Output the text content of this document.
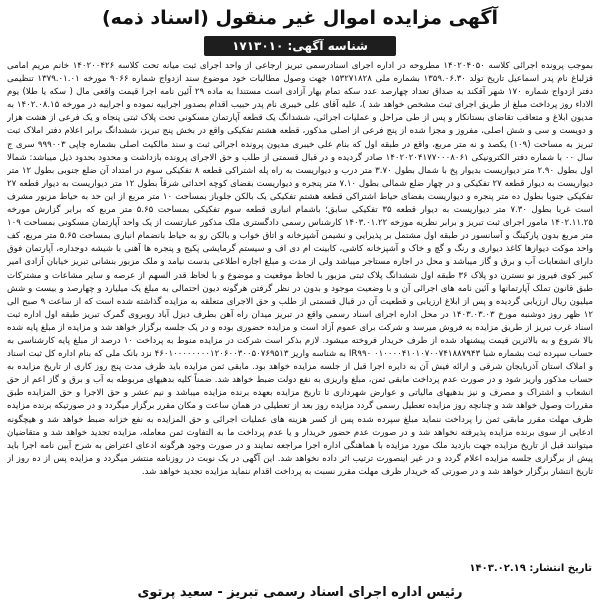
آگهی مزایده اموال غیر منقول (اسناد ذمه)
شناسه آگهی: ۱۷۱۳۰۱۰
بموجب پرونده اجرائی کلاسه ۱۴۰۲۰۴۰۵۰ مطروحه در اداره اجرای اسنادرسمی تبریز ارجاعی از واحد اجرای ثبت میانه تحت کلاسه ۱۴۰۲۰۰۴۲۶ خانم مریم امامی قزلباغ نام پدر اسماعیل تاریخ تولد ۱۳۵۹.۰۶.۳۰ بشماره ملی ۱۵۳۲۷۱۸۲۸ جهت وصول مطالبات خود موضوع سند ازدواج شماره ۹۰۶۶ مورخه ۱۳۷۹.۰۱.۰۱ تنظیمی دفتر ازدواج شماره ۱۷۰ شهر آقکند به صداق تعداد چهارصد عدد سکه تمام بهار آزادی است مستندا به ماده ۲۹ آئین نامه اجرا قیمت واقعی مال ( سکه یا طلا) یوم الاداء روز پرداخت مبلغ از طریق اجرای ثبت مشخص خواهد شد )، علیه آقای علی خیبری نام پدر حبیب اقدام بصدور اجراییه نموده و اجراییه در مورخه ۱۴۰۲.۰۸.۱۵ به مدیون ابلاغ و متعاقب تقاضای بستانکار و پس از طی مراحل و عملیات اجرائی، ششدانگ یک قطعه آپارتمان مسکونی تحت پلاک ثبتی پنجاه و یک فرعی از هشت هزار و دویست و سی و شش اصلی، مفروز و مجزا شده از پنج فرعی از اصلی مذکور، قطعه هشتم تفکیکی واقع در بخش پنج تبریز، ششدانگ برابر اعلام دفتر املاک ثبت تبریز به مساحت (۱۰۹) یکصد و نه متر مربع، واقع در طبقه اول که بنام علی خیبری مدیون پرونده اجرائی ثبت و سند مالکیت اصلی بشماره چاپی ۹۹۹۰۰۳ سری ج سال ۰۰ با شماره دفتر الکترونیکی ۱۴۰۲۰۲۰۴۱۷۷۰۰۰۸۰۶۱ صادر گردیده و در قبال قسمتی از طلب و حق الاجرای پرونده بازداشت و محدود بحدود ذیل میباشد: شمالا اول بطول ۲.۹۰ متر دیواریست بدیوار پخ با شمال بطول ۳.۷۰ متر درب و دیواریست به راه پله اشتراکی قطعه ۸ تفکیکی سوم در امتداد آن ضلع جنوبی بطول ۱۲ متر دیواریست به دیوار قطعه ۲۷ تفکیکی و در چهار ضلع شمالی بطول ۷.۱۰ متر پنجره و دیواریست بفضای کوچه احداثی شرقاً بطول ۱۲ متر دیواریست به دیوار قطعه ۲۷ تفکیکی جنوبا بطول ده متر پنجره و دیواریست بفضای حیاط اشتراکی قطعه هشتم تفکیکی یک بالکن جلوباز بمساحت ۱۰ متر مربع از این حد به حیاط مزبور مشرف است غربا بطول ۷.۳۰ متر دیواریست به دیوار قطعه ۳۵ تفکیکی سابق؛ باشمام انباری قطعه سوم تفکیکی بمساحت ۵.۶۵ متر مربع که برابر گزارش مورخه ۱۴۰۲.۱۱.۲۵ مامور اجرای ثبت تبریز و برابر نظریه مورخه ۱۴۰۳.۰۱.۲۲ کارشناس رسمی دادگستری ملک مذکور عبارتست از یک واحد آپارتمان مسکونی بمساحت ۱۰۹ متر مربع بدون پارکینگ و آسانسور در طبقه اول مشتمل بر پذیرایی و نشیمن آشپزخانه و اتاق خواب و بالکن رو به حیاط بانضمام انباری بمساحت ۵.۶۵ متر مربع، کف واحد موکت دیوارها کاغذ دیواری و رنگ و گچ و خاک و آشپزخانه کاشی، کابینت ام دی اف و سیستم گرمایشی پکیج و پنجره ها آهنی با شیشه دوجداره، آپارتمان فوق دارای انشعابات آب و برق و گاز میباشد و محل در اجاره مستاجر میباشد ولی از مدت و مبلغ اجاره اطلاعی بدست نیامد و ملک مزبور بنشانی تبریز خیابان آزادی امیر کبیر کوی فیروز نو نسترن دو پلاک ۳۶ طبقه اول ششدانگ پلاک ثبتی مزبور با لحاظ موقعیت و موضوع و با لحاظ قدر السهم از عرصه و سایر مشاعات و مشترکات طبق قانون تملک آپارتمانها و آئین نامه های اجرائی آن و با وضعیت موجود و بدون در نظر گرفتن هرگونه دیون احتمالی به مبلغ یک میلیارد و چهارصد و بیست و شش میلیون ریال ارزیابی گردیده و پس از ابلاغ ارزیابی و قطعیت آن در قبال قسمتی از طلب و حق الاجرای متعلقه به مزایده گذاشته شده است که از ساعت ۹ صبح الی ۱۲ ظهر روز دوشنبه مورخ ۱۴۰۳.۰۳.۰۳ در محل اداره اجرای اسناد رسمی واقع در تبریز میدان راه آهن بطرف دیزل آباد روبروی گمرک تبریز طبقه اول اداره ثبت اسناد غرب تبریز از طریق مزایده به فروش میرسد و شرکت برای عموم آزاد است و مزایده حضوری بوده و در یک جلسه برگزار خواهد شد و مزایده از مبلغ پایه شده بالا شروع و به بالاترین قیمت پیشنهاد شده از طرف خریدار فروخته میشود. لازم بذکر است شرکت در مزایده منوط به پرداخت ۱۰ درصد از مبلغ پایه کارشناسی به حساب سپرده ثبت بشماره شبا ۰۱۰۰۰۰۴۱۰۱۰۷۰۰۷۴۱۸۸۷۹۴۳ IR۹۹۰ به شناسه واریز ۴۶۰۱۰۰۰۰۰۰۰۰۱۲۰۶۰۰۳۰۰۵۰۷۶۹۵۱۳ نزد بانک ملی که بنام اداره کل ثبت اسناد و املاک استان آذربایجان شرقی و ارائه فیش آن به دایره اجرا قبل از جلسه مزایده خواهد بود. مابقی ثمن مزایده باید ظرف مدت پنج روز کاری از تاریخ مزایده به حساب مذکور واریز شود و در صورت عدم پرداخت مابقی ثمن، مبلغ واریزی به نفع دولت ضبط خواهد شد. ضمناً کلیه بدهیهای مربوطه به آب و برق و گاز اعم از حق انشعاب و اشتراک و مصرف و نیز بدهیهای مالیاتی و عوارض شهرداری تا تاریخ مزایده بعهده برنده مزایده میباشد و نیم عشر و حق الاجرا و حق المزایده طبق مقررات وصول خواهد شد و چنانچه روز مزایده تعطیل رسمی گردد مزایده روز بعد از تعطیلی در همان ساعت و مکان مقرر برگزار میگردد و در صورتیکه برنده مزایده ظرف مهلت مقرر مابقی ثمن را پرداخت ننماید مبلغ سپرده شده پس از کسر هزینه های عملیات اجرائی و حق المزایده به نفع خزانه ضبط خواهد شد و هیچگونه ادعایی از سوی برنده مزایده پذیرفته نخواهد شد و در صورت عدم حضور خریدار و یا عدم پرداخت ما به التفاوت ثمن معامله، مزایده تجدید خواهد شد و متقاضیان میتوانند قبل از تاریخ مزایده جهت بازدید ملک مورد مزایده با هماهنگی اداره اجرا مراجعه نمایند و در صورت وجود هرگونه ادعای اعتراض به شرح آیین نامه اجرا باید پیش از برگزاری جلسه مزایده اعلام گردد و در غیر اینصورت ترتیب اثر داده نخواهد شد. این آگهی در یک نوبت در روزنامه منتشر میگردد و مزایده پس از ده روز از تاریخ انتشار برگزار خواهد شد و در صورتی که خریدار ظرف مهلت مقرر نسبت به پرداخت اقدام ننماید مزایده تجدید خواهد شد.
تاریخ انتشار: ۱۴۰۳.۰۲.۱۹
رئیس اداره اجرای اسناد رسمی تبریز - سعید پرتوی
